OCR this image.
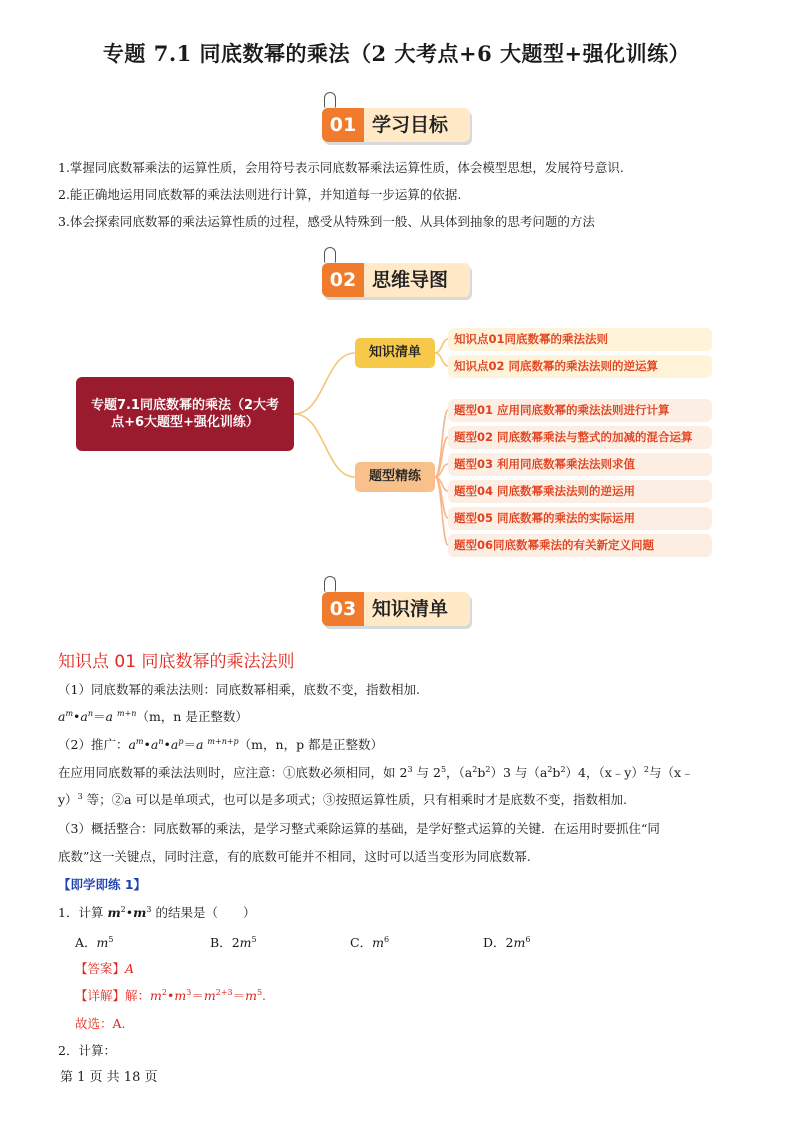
专题 7.1 同底数幂的乘法（2 大考点+6 大题型+强化训练）
01 学习目标
1.掌握同底数幂乘法的运算性质，会用符号表示同底数幂乘法运算性质，体会模型思想，发展符号意识.
2.能正确地运用同底数幂的乘法法则进行计算，并知道每一步运算的依据.
3.体会探索同底数幂的乘法运算性质的过程，感受从特殊到一般、从具体到抽象的思考问题的方法
02 思维导图
专题7.1同底数幂的乘法（2大考点+6大题型+强化训练）
知识清单
题型精练
知识点01同底数幂的乘法法则
知识点02 同底数幂的乘法法则的逆运算
题型01 应用同底数幂的乘法法则进行计算
题型02 同底数幂乘法与整式的加减的混合运算
题型03 利用同底数幂乘法法则求值
题型04 同底数幂乘法法则的逆运用
题型05 同底数幂的乘法的实际运用
题型06同底数幂乘法的有关新定义问题
03 知识清单
知识点 01 同底数幂的乘法法则
（1）同底数幂的乘法法则：同底数幂相乘，底数不变，指数相加.
$a^m•a^n=a$ $^{m+n}$（m，n 是正整数）
（2）推广：$a^m•a^n•a^p=a$ $^{m+n+p}$（m，n，p 都是正整数）
在应用同底数幂的乘法法则时，应注意：①底数必须相同，如 $2^3$ 与 $2^5$，$(a^2b^2)3$ 与$(a^2b^2)4$，（x﹣y）$^2$与（x﹣
y）$^3$ 等；②a 可以是单项式，也可以是多项式；③按照运算性质，只有相乘时才是底数不变，指数相加.
（3）概括整合：同底数幂的乘法，是学习整式乘除运算的基础，是学好整式运算的关键．在运用时要抓住“同
底数”这一关键点，同时注意，有的底数可能并不相同，这时可以适当变形为同底数幂.
【即学即练 1】
1．计算 $m^2•m^3$ 的结果是（　　）
A．$m^5$	B．$2m^5$	C．$m^6$	D．$2m^6$
【答案】A
【详解】解：$m^2•m^3=m^{2+3}=m^5$.
故选：A.
2．计算：
第 1 页 共 18 页
